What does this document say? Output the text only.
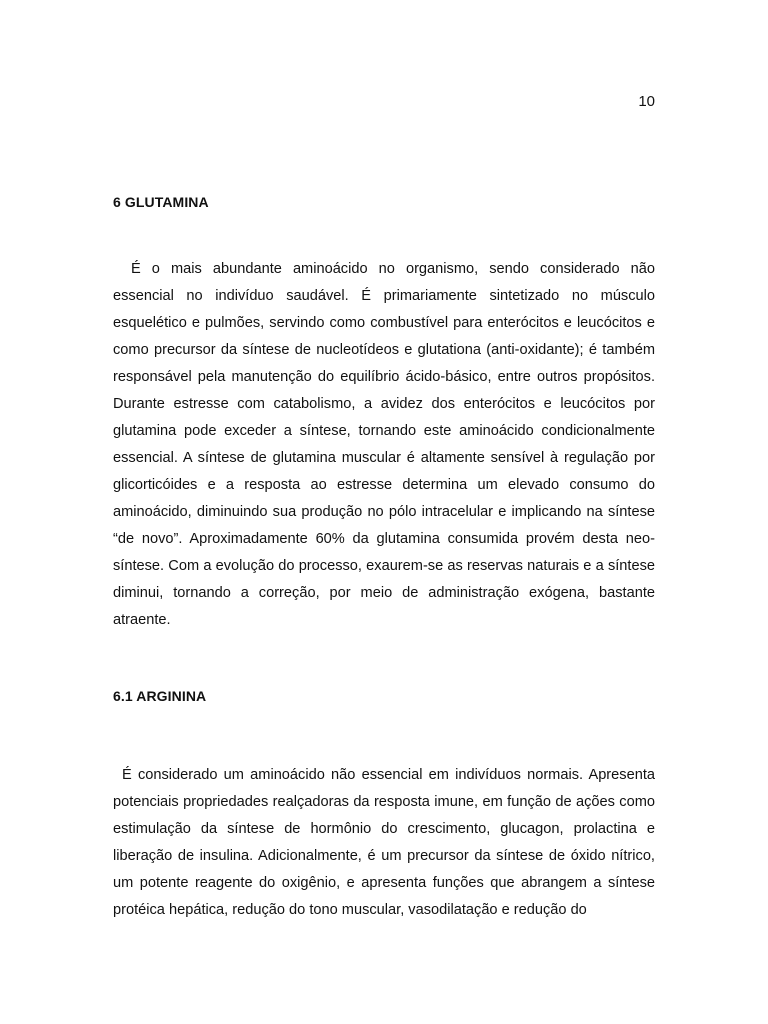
10
6 GLUTAMINA

É o mais abundante aminoácido no organismo, sendo considerado não essencial no indivíduo saudável. É primariamente sintetizado no músculo esquelético e pulmões, servindo como combustível para enterócitos e leucócitos e como precursor da síntese de nucleotídeos e glutationa (anti-oxidante); é também responsável pela manutenção do equilíbrio ácido-básico, entre outros propósitos. Durante estresse com catabolismo, a avidez dos enterócitos e leucócitos por glutamina pode exceder a síntese, tornando este aminoácido condicionalmente essencial. A síntese de glutamina muscular é altamente sensível à regulação por glicorticóides e a resposta ao estresse determina um elevado consumo do aminoácido, diminuindo sua produção no pólo intracelular e implicando na síntese “de novo”. Aproximadamente 60% da glutamina consumida provém desta neo-síntese. Com a evolução do processo, exaurem-se as reservas naturais e a síntese diminui, tornando a correção, por meio de administração exógena, bastante atraente.

6.1 ARGININA

É considerado um aminoácido não essencial em indivíduos normais. Apresenta potenciais propriedades realçadoras da resposta imune, em função de ações como estimulação da síntese de hormônio do crescimento, glucagon, prolactina e liberação de insulina. Adicionalmente, é um precursor da síntese de óxido nítrico, um potente reagente do oxigênio, e apresenta funções que abrangem a síntese protéica hepática, redução do tono muscular, vasodilatação e redução do
